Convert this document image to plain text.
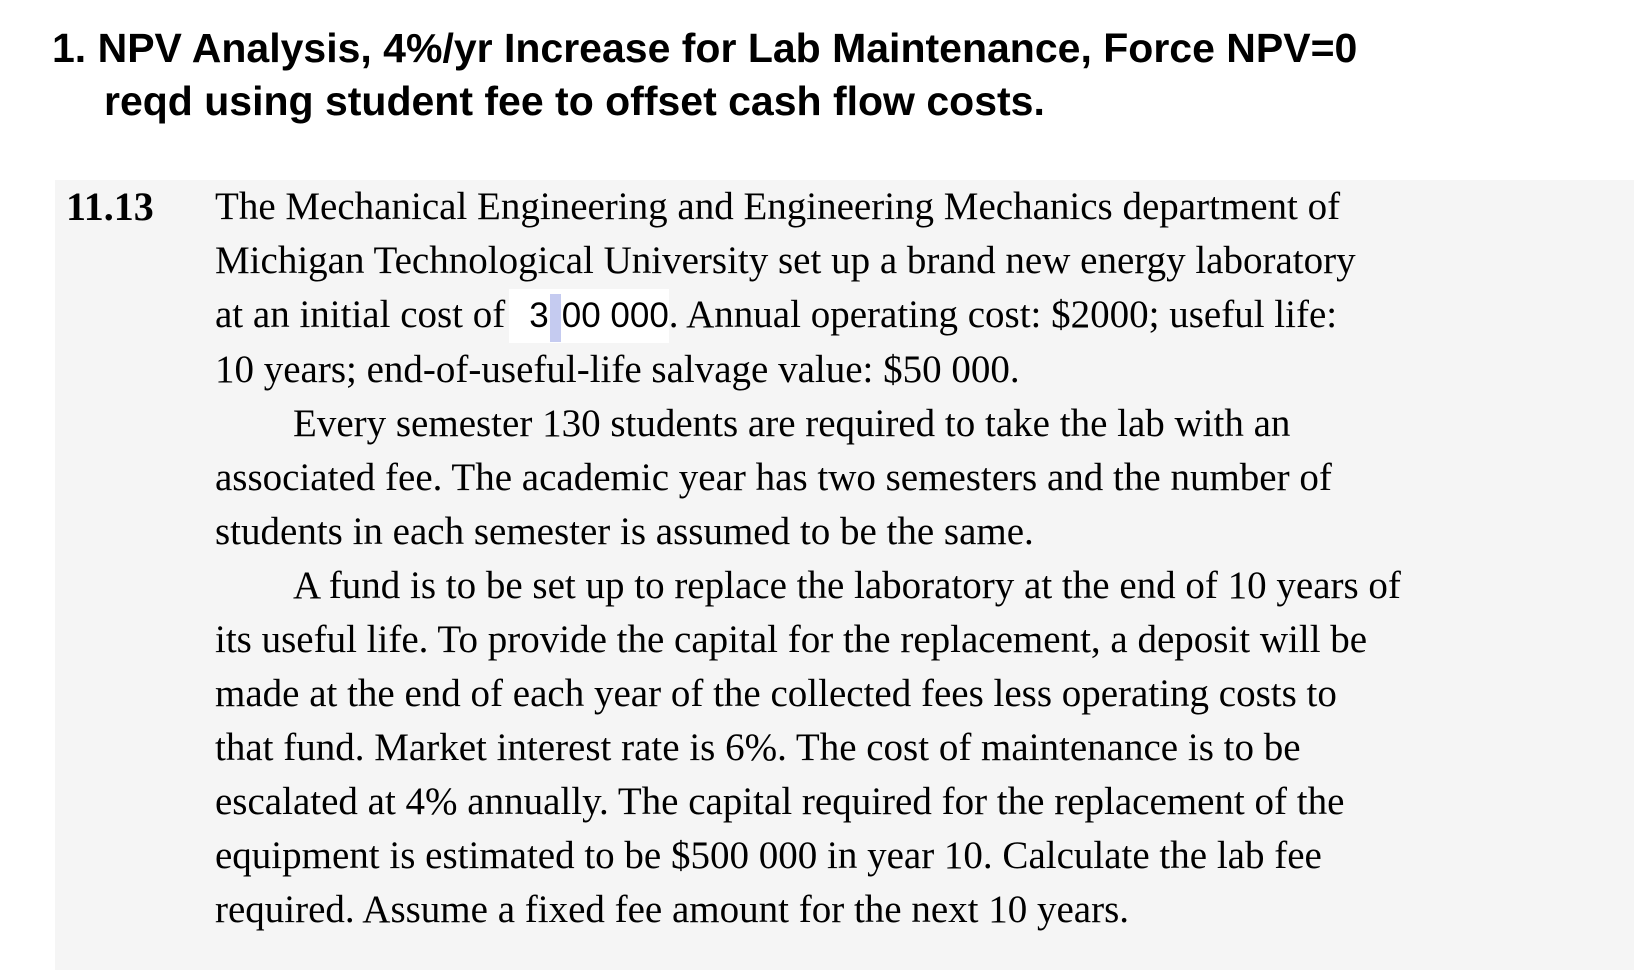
1. NPV Analysis, 4%/yr Increase for Lab Maintenance, Force NPV=0
reqd using student fee to offset cash flow costs.
11.13 The Mechanical Engineering and Engineering Mechanics department of
Michigan Technological University set up a brand new energy laboratory
at an initial cost of 3 00 000. Annual operating cost: $2000; useful life:
10 years; end-of-useful-life salvage value: $50 000.
Every semester 130 students are required to take the lab with an
associated fee. The academic year has two semesters and the number of
students in each semester is assumed to be the same.
A fund is to be set up to replace the laboratory at the end of 10 years of
its useful life. To provide the capital for the replacement, a deposit will be
made at the end of each year of the collected fees less operating costs to
that fund. Market interest rate is 6%. The cost of maintenance is to be
escalated at 4% annually. The capital required for the replacement of the
equipment is estimated to be $500 000 in year 10. Calculate the lab fee
required. Assume a fixed fee amount for the next 10 years.
